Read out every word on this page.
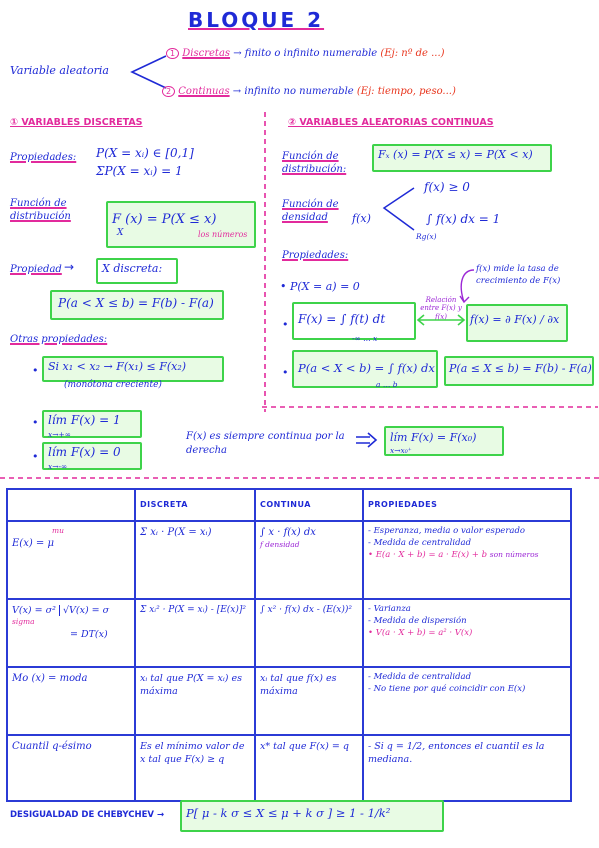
BLOQUE 2
Variable aleatoria
1 Discretas → finito o infinito numerable (Ej: nº de ...)
2 Continuas → infinito no numerable (Ej: tiempo, peso...)
① VARIABLES DISCRETAS
Propiedades: P(X = xᵢ) ∈ [0,1]
ΣP(X = xᵢ) = 1
Función de distribución	F (x) = P(X ≤ x)
X	los números
Propiedad →	X discreta:
P(a < X ≤ b) = F(b) - F(a)
Otras propiedades:
• Si x₁ < x₂ → F(x₁) ≤ F(x₂)
(monótona creciente)
• lím F(x) = 1
x→+∞
• lím F(x) = 0
x→-∞
F(x) es siempre continua por la derecha
lím F(x) = F(x₀)
x→x₀⁺
② VARIABLES ALEATORIAS CONTINUAS
Función de distribución:
Fₓ (x) = P(X ≤ x) = P(X < x)
Función de densidad	f(x)
f(x) ≥ 0
∫ f(x) dx = 1
Rg(x)
Propiedades:
• P(X = a) = 0
• F(x) = ∫ f(t) dt
-∞ … x
Relación entre F(x) y f(x)	f(x) = ∂ F(x) / ∂x
f(x) mide la tasa de crecimiento de F(x)
• P(a < X < b) = ∫ f(x) dx
a … b
P(a ≤ X ≤ b) = F(b) - F(a)
	DISCRETA	CONTINUA	PROPIEDADES

mu
E(x) = μ	Σ xᵢ · P(X = xᵢ)	∫ x · f(x) dx
f densidad	- Esperanza, media o valor esperado
- Medida de centralidad
• E(a · X + b) = a · E(x) + b son números

V(x) = σ² √V(x) = σ
sigma
= DT(x)	Σ xᵢ² · P(X = xᵢ) - [E(x)]²	∫ x² · f(x) dx - (E(x))²	- Varianza
- Medida de dispersión
• V(a · X + b) = a² · V(x)

Mo (x) = moda	xᵢ tal que P(X = xᵢ) es máxima	xᵢ tal que f(x) es máxima	- Medida de centralidad
- No tiene por qué coincidir con E(x)

Cuantil q-ésimo	Es el mínimo valor de x tal que F(x) ≥ q	x* tal que F(x) = q	- Si q = 1/2, entonces el cuantil es la mediana.
DESIGUALDAD DE CHEBYCHEV → P[ μ - k σ ≤ X ≤ μ + k σ ] ≥ 1 - 1/k²
